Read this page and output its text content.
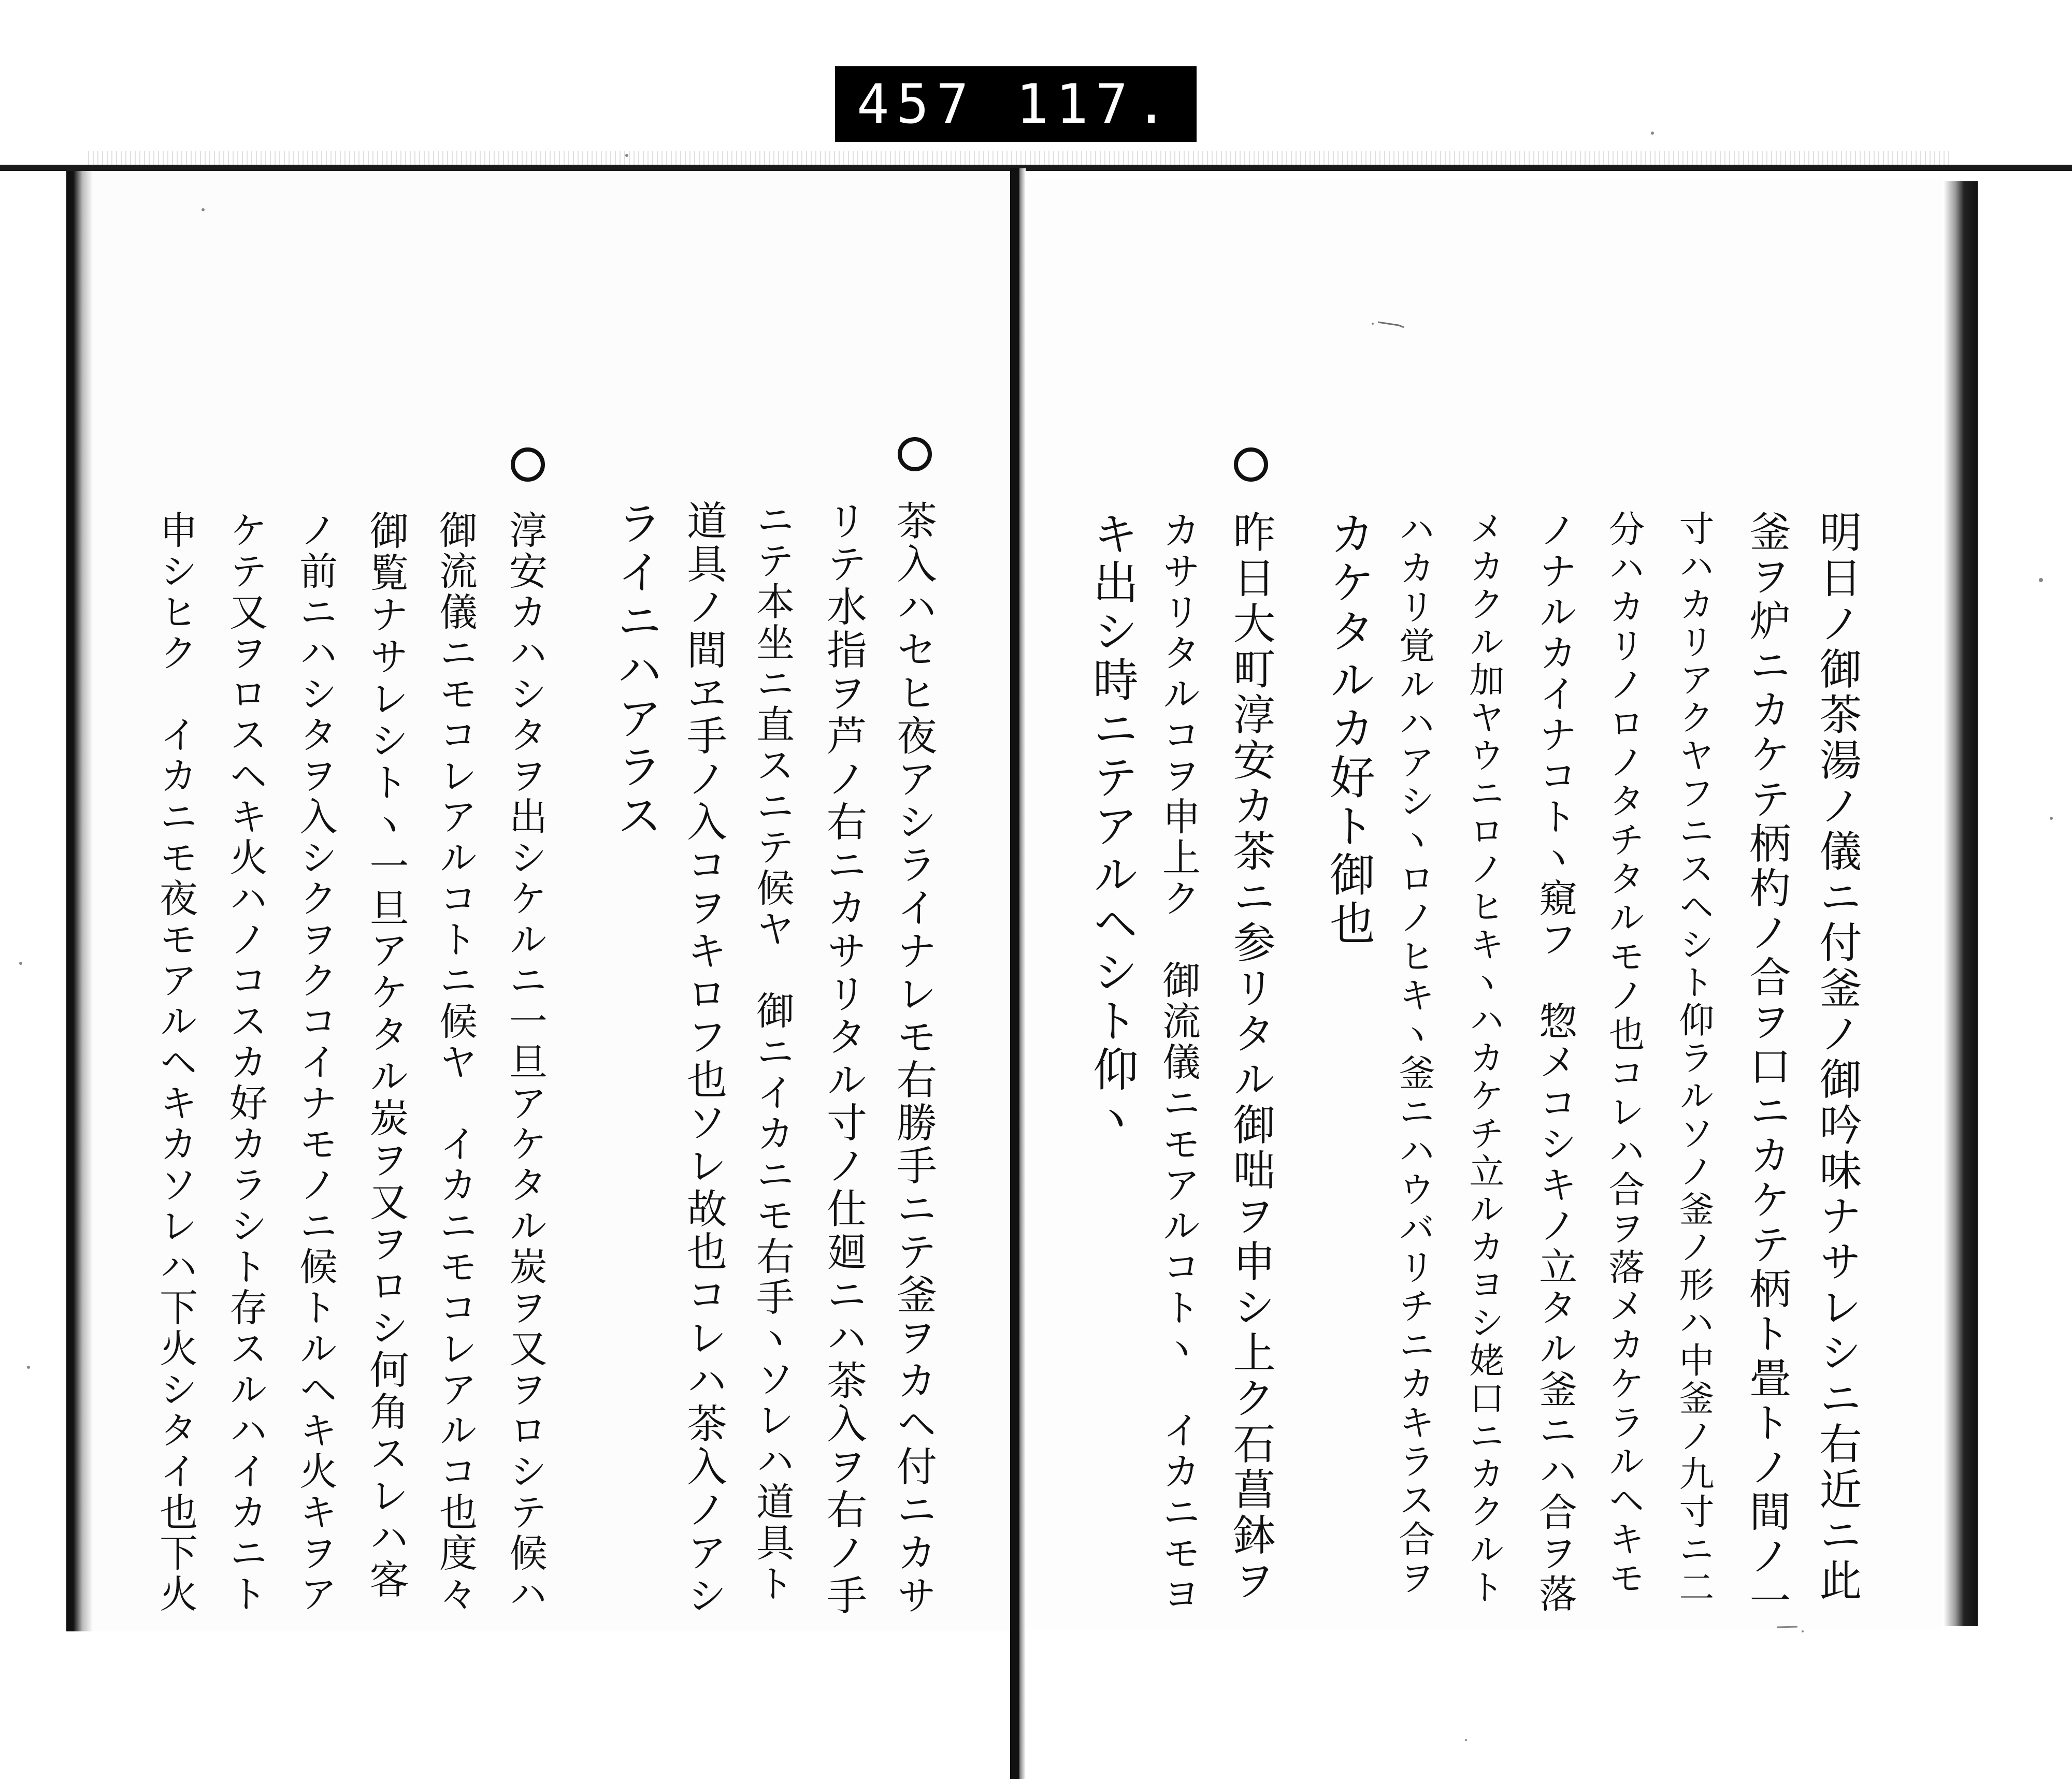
457 117.
明日ノ御茶湯ノ儀ニ付釜ノ御吟味ナサレシニ右近ニ此
釜ヲ炉ニカケテ柄杓ノ合ヲ口ニカケテ柄ト畳トノ間ノ一
寸ハカリアクヤフニスヘシト仰ラルソノ釜ノ形ハ中釜ノ九寸ニ二
分ハカリノロノタチタルモノ也コレハ合ヲ落メカケラルヘキモ
ノナルカイナコトヽ窺フ　惣メコシキノ立タル釜ニハ合ヲ落
メカクル加ヤウニロノヒキヽハカケチ立ルカヨシ姥口ニカクルト
ハカリ覚ルハアシヽロノヒキヽ釜ニハウバリチニカキラス合ヲ
カケタルカ好ト御也
昨日大町淳安カ茶ニ参リタル御咄ヲ申シ上ク石菖鉢ヲ
カサリタルコヲ申上ク　御流儀ニモアルコトヽ　イカニモヨ
キ出シ時ニテアルヘシト仰ヽ
茶入ハセヒ夜アシライナレモ右勝手ニテ釜ヲカヘ付ニカサ
リテ水指ヲ芦ノ右ニカサリタル寸ノ仕廻ニハ茶入ヲ右ノ手
ニテ本坐ニ直スニテ候ヤ　御ニイカニモ右手ヽソレハ道具ト
道具ノ間ヱ手ノ入コヲキロフ也ソレ故也コレハ茶入ノアシ
ライニハアラス
淳安カハシタヲ出シケルニ一旦アケタル炭ヲ又ヲロシテ候ハ
御流儀ニモコレアルコトニ候ヤ　イカニモコレアルコ也度々
御覧ナサレシトヽ一旦アケタル炭ヲ又ヲロシ何角スレハ客
ノ前ニハシタヲ入シクヲクコイナモノニ候トルヘキ火キヲア
ケテ又ヲロスヘキ火ハノコスカ好カラシト存スルハイカニト
申シヒク　イカニモ夜モアルヘキカソレハ下火シタイ也下火
